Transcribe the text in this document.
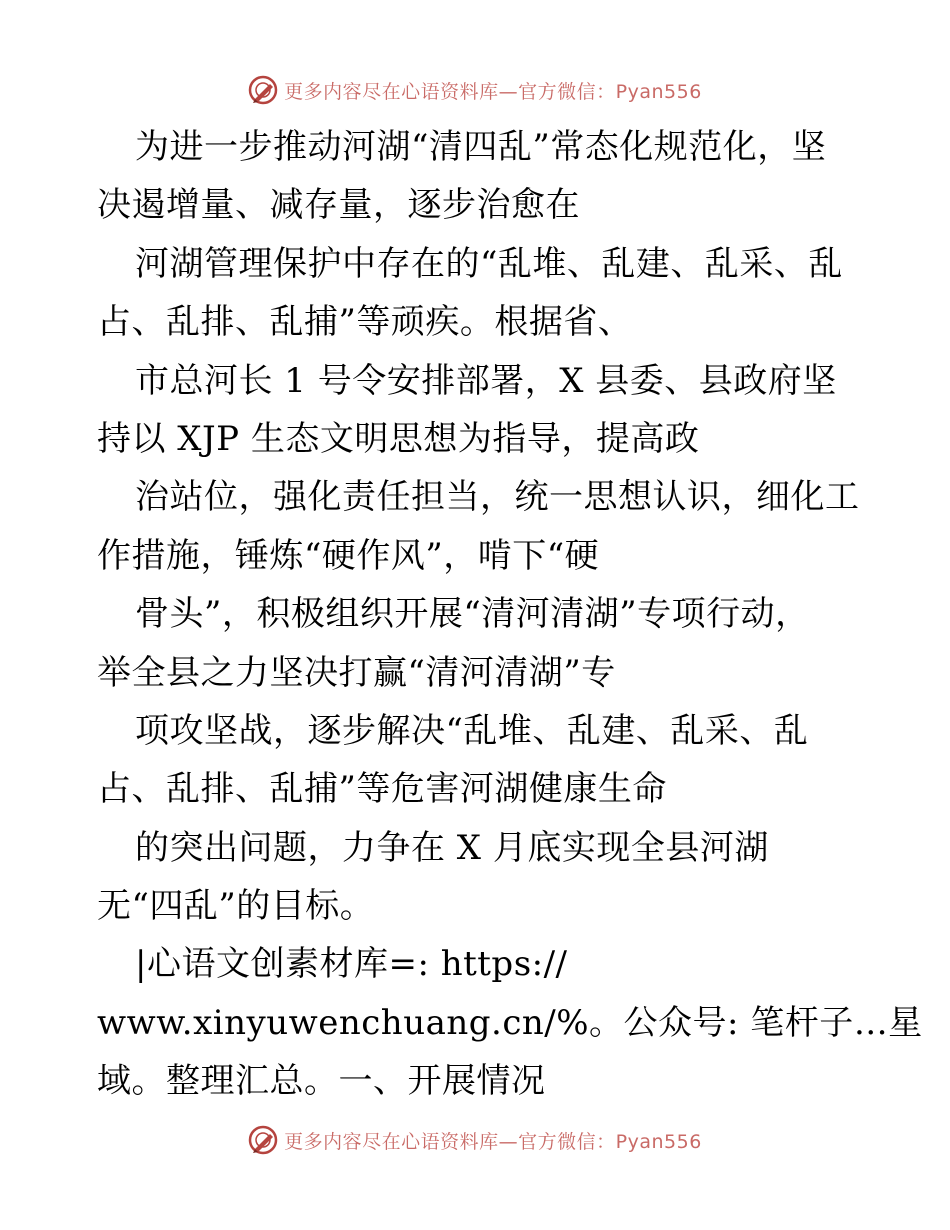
更多内容尽在心语资料库—官方微信：Pyan556
为进一步推动河湖“清四乱”常态化规范化，坚
决遏增量、减存量，逐步治愈在
河湖管理保护中存在的“乱堆、乱建、乱采、乱
占、乱排、乱捕”等顽疾。根据省、
市总河长 1 号令安排部署，X 县委、县政府坚
持以 XJP 生态文明思想为指导，提高政
治站位，强化责任担当，统一思想认识，细化工
作措施，锤炼“硬作风”，啃下“硬
骨头”，积极组织开展“清河清湖”专项行动，
举全县之力坚决打赢“清河清湖”专
项攻坚战，逐步解决“乱堆、乱建、乱采、乱
占、乱排、乱捕”等危害河湖健康生命
的突出问题，力争在 X 月底实现全县河湖
无“四乱”的目标。
|心语文创素材库=: https://
www.xinyuwenchuang.cn/%。公众号: 笔杆子…星
域。整理汇总。一、开展情况
更多内容尽在心语资料库—官方微信：Pyan556
